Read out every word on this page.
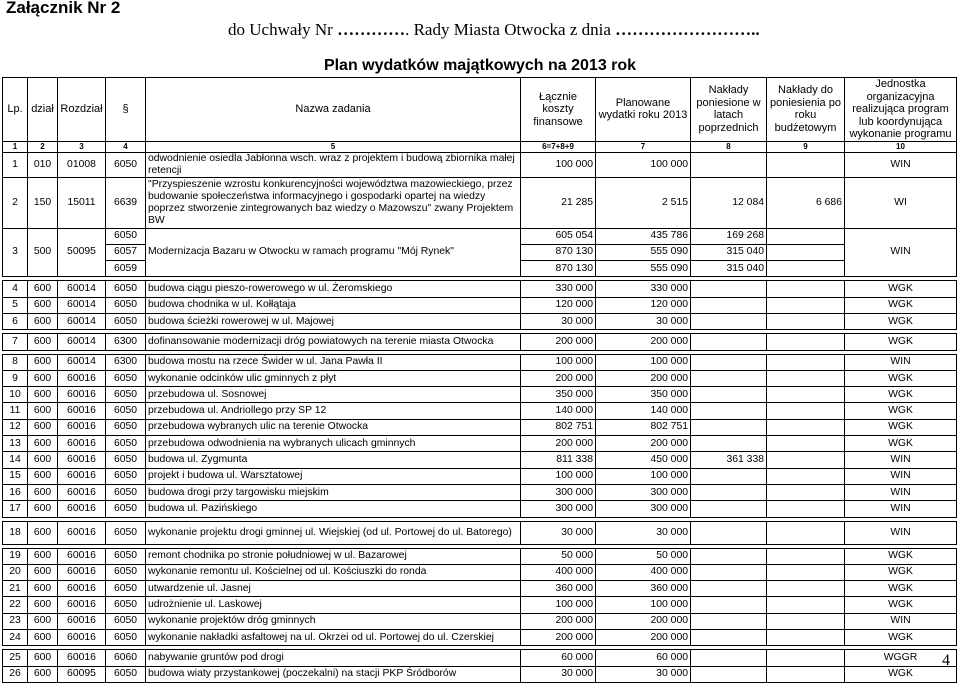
Załącznik Nr 2
do Uchwały Nr …………. Rady Miasta Otwocka z dnia ……………………..
Plan wydatków majątkowych na 2013 rok
Lp.	dział	Rozdział	§	Nazwa zadania	Łącznie koszty finansowe	Planowane wydatki roku 2013	Nakłady poniesione w latach poprzednich	Nakłady do poniesienia po roku budżetowym	Jednostka organizacyjna realizująca program lub koordynująca wykonanie programu
1	2	3	4	5	6=7+8+9	7	8	9	10
1	010	01008	6050	odwodnienie osiedla Jabłonna wsch. wraz z projektem i budową zbiornika małej retencji	100 000	100 000			WIN
2	150	15011	6639	"Przyspieszenie wzrostu konkurencyjności województwa mazowieckiego, przez budowanie społeczeństwa informacyjnego i gospodarki opartej na wiedzy poprzez stworzenie zintegrowanych baz wiedzy o Mazowszu" zwany Projektem BW	21 285	2 515	12 084	6 686	WI
3	500	50095	6050	Modernizacja Bazaru w Otwocku w ramach programu "Mój Rynek"	605 054	435 786	169 268		WIN
			6057		870 130	555 090	315 040		
			6059		870 130	555 090	315 040		

4	600	60014	6050	budowa ciągu pieszo-rowerowego w ul. Żeromskiego	330 000	330 000			WGK
5	600	60014	6050	budowa chodnika w ul. Kołłątaja	120 000	120 000			WGK
6	600	60014	6050	budowa ścieżki rowerowej w ul. Majowej	30 000	30 000			WGK

7	600	60014	6300	dofinansowanie modernizacji dróg powiatowych na terenie miasta Otwocka	200 000	200 000			WGK

8	600	60014	6300	budowa mostu na rzece Świder w ul. Jana Pawła II	100 000	100 000			WIN
9	600	60016	6050	wykonanie odcinków ulic gminnych z płyt	200 000	200 000			WGK
10	600	60016	6050	przebudowa ul. Sosnowej	350 000	350 000			WGK
11	600	60016	6050	przebudowa ul. Andriollego przy SP 12	140 000	140 000			WGK
12	600	60016	6050	przebudowa wybranych ulic na terenie Otwocka	802 751	802 751			WGK
13	600	60016	6050	przebudowa odwodnienia na wybranych ulicach gminnych	200 000	200 000			WGK
14	600	60016	6050	budowa ul. Zygmunta	811 338	450 000	361 338		WIN
15	600	60016	6050	projekt i budowa ul. Warsztatowej	100 000	100 000			WIN
16	600	60016	6050	budowa drogi przy targowisku miejskim	300 000	300 000			WIN
17	600	60016	6050	budowa ul. Pazińskiego	300 000	300 000			WIN

18	600	60016	6050	wykonanie projektu drogi gminnej ul. Wiejskiej (od ul. Portowej do ul. Batorego)	30 000	30 000			WIN

19	600	60016	6050	remont chodnika po stronie południowej w ul. Bazarowej	50 000	50 000			WGK
20	600	60016	6050	wykonanie remontu ul. Kościelnej od ul. Kościuszki do ronda	400 000	400 000			WGK
21	600	60016	6050	utwardzenie ul. Jasnej	360 000	360 000			WGK
22	600	60016	6050	udrożnienie ul. Laskowej	100 000	100 000			WGK
23	600	60016	6050	wykonanie projektów dróg gminnych	200 000	200 000			WIN
24	600	60016	6050	wykonanie nakładki asfaltowej na ul. Okrzei od ul. Portowej do ul. Czerskiej	200 000	200 000			WGK

25	600	60016	6060	nabywanie gruntów pod drogi	60 000	60 000			WGGR
26	600	60095	6050	budowa wiaty przystankowej (poczekalni) na stacji PKP Śródborów	30 000	30 000			WGK
4
